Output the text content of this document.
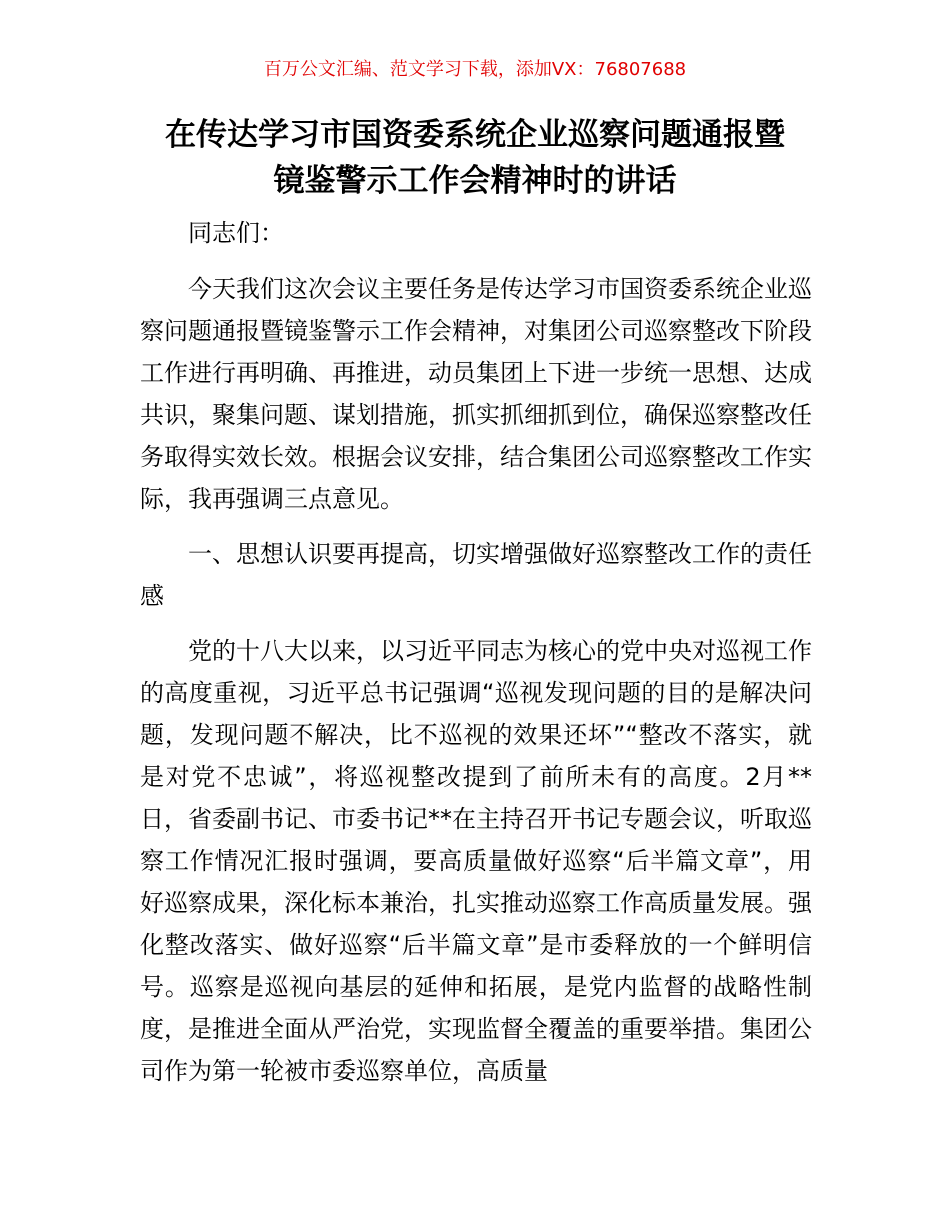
百万公文汇编、范文学习下载，添加VX：76807688
在传达学习市国资委系统企业巡察问题通报暨
镜鉴警示工作会精神时的讲话

同志们：

今天我们这次会议主要任务是传达学习市国资委系统企业巡察问题通报暨镜鉴警示工作会精神，对集团公司巡察整改下阶段工作进行再明确、再推进，动员集团上下进一步统一思想、达成共识，聚集问题、谋划措施，抓实抓细抓到位，确保巡察整改任务取得实效长效。根据会议安排，结合集团公司巡察整改工作实际，我再强调三点意见。

一、思想认识要再提高，切实增强做好巡察整改工作的责任感

党的十八大以来，以习近平同志为核心的党中央对巡视工作的高度重视，习近平总书记强调“巡视发现问题的目的是解决问题，发现问题不解决，比不巡视的效果还坏”“整改不落实，就是对党不忠诚”，将巡视整改提到了前所未有的高度。2月**日，省委副书记、市委书记**在主持召开书记专题会议，听取巡察工作情况汇报时强调，要高质量做好巡察“后半篇文章”，用好巡察成果，深化标本兼治，扎实推动巡察工作高质量发展。强化整改落实、做好巡察“后半篇文章”是市委释放的一个鲜明信号。巡察是巡视向基层的延伸和拓展，是党内监督的战略性制度，是推进全面从严治党，实现监督全覆盖的重要举措。集团公司作为第一轮被市委巡察单位，高质量
